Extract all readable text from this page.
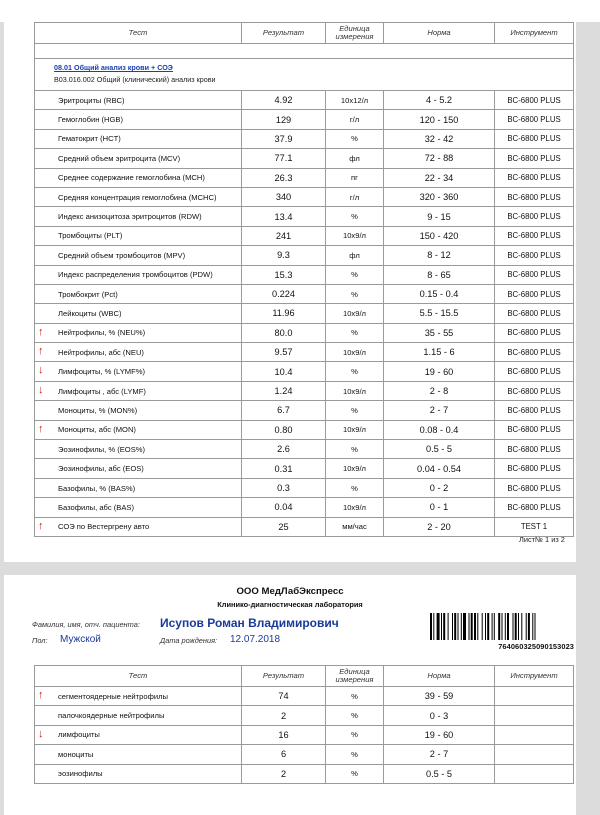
Тест	Результат	Единица измерения	Норма	Инструмент

08.01 Общий анализ крови + СОЭ
В03.016.002 Общий (клинический) анализ крови				

Эритроциты (RBC)	4.92	10х12/л	4 - 5.2	BC-6800 PLUS

Гемоглобин (HGB)	129	г/л	120 - 150	BC-6800 PLUS

Гематокрит (HCT)	37.9	%	32 - 42	BC-6800 PLUS

Средний объем эритроцита (MCV)	77.1	фл	72 - 88	BC-6800 PLUS

Среднее содержание гемоглобина (MCH)	26.3	пг	22 - 34	BC-6800 PLUS

Средняя концентрация гемоглобина (MCHC)	340	г/л	320 - 360	BC-6800 PLUS

Индекс анизоцитоза эритроцитов (RDW)	13.4	%	9 - 15	BC-6800 PLUS

Тромбоциты (PLT)	241	10х9/л	150 - 420	BC-6800 PLUS

Средний объем тромбоцитов (MPV)	9.3	фл	8 - 12	BC-6800 PLUS

Индекс распределения тромбоцитов (PDW)	15.3	%	8 - 65	BC-6800 PLUS

Тромбокрит (Pct)	0.224	%	0.15 - 0.4	BC-6800 PLUS

Лейкоциты (WBC)	11.96	10х9/л	5.5 - 15.5	BC-6800 PLUS

↑ Нейтрофилы, % (NEU%)	80.0	%	35 - 55	BC-6800 PLUS

↑ Нейтрофилы, абс (NEU)	9.57	10х9/л	1.15 - 6	BC-6800 PLUS

↓ Лимфоциты, % (LYMF%)	10.4	%	19 - 60	BC-6800 PLUS

↓ Лимфоциты , абс (LYMF)	1.24	10х9/л	2 - 8	BC-6800 PLUS

Моноциты, % (MON%)	6.7	%	2 - 7	BC-6800 PLUS

↑ Моноциты, абс (MON)	0.80	10х9/л	0.08 - 0.4	BC-6800 PLUS

Эозинофилы, % (EOS%)	2.6	%	0.5 - 5	BC-6800 PLUS

Эозинофилы, абс (EOS)	0.31	10х9/л	0.04 - 0.54	BC-6800 PLUS

Базофилы, % (BAS%)	0.3	%	0 - 2	BC-6800 PLUS

Базофилы, абс (BAS)	0.04	10х9/л	0 - 1	BC-6800 PLUS

↑ СОЭ по Вестергрену авто	25	мм/час	2 - 20	TEST 1
Лист№ 1 из 2
ООО МедЛабЭкспресс
Клинико-диагностическая лаборатория
Фамилия, имя, отч. пациента: Исупов Роман Владимирович
Пол: Мужской	Дата рождения: 12.07.2018
764060325090153023
Тест	Результат	Единица измерения	Норма	Инструмент

↑ сегментоядерные нейтрофилы	74	%	39 - 59	

палочкоядерные нейтрофилы	2	%	0 - 3	

↓ лимфоциты	16	%	19 - 60	

моноциты	6	%	2 - 7	

эозинофилы	2	%	0.5 - 5	
